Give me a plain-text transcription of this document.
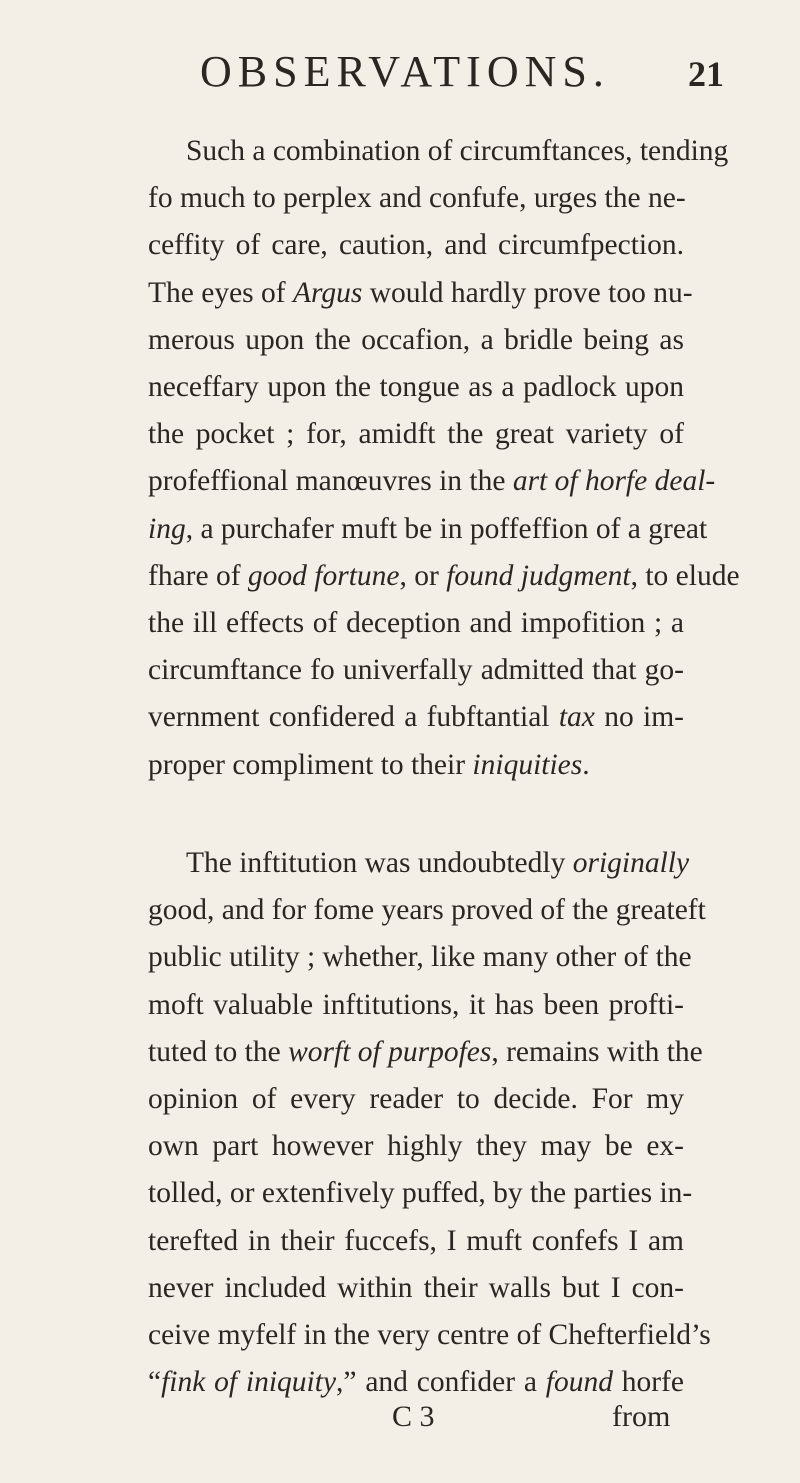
OBSERVATIONS. 21
Such a combination of circumftances, tending
fo much to perplex and confufe, urges the ne-
ceffity of care, caution, and circumfpection.
The eyes of Argus would hardly prove too nu-
merous upon the occafion, a bridle being as
neceffary upon the tongue as a padlock upon
the pocket ; for, amidft the great variety of
profeffional manœuvres in the art of horfe deal-
ing, a purchafer muft be in poffeffion of a great
fhare of good fortune, or found judgment, to elude
the ill effects of deception and impofition ; a
circumftance fo univerfally admitted that go-
vernment confidered a fubftantial tax no im-
proper compliment to their iniquities.
The inftitution was undoubtedly originally
good, and for fome years proved of the greateft
public utility ; whether, like many other of the
moft valuable inftitutions, it has been profti-
tuted to the worft of purpofes, remains with the
opinion of every reader to decide. For my
own part however highly they may be ex-
tolled, or extenfively puffed, by the parties in-
terefted in their fuccefs, I muft confefs I am
never included within their walls but I con-
ceive myfelf in the very centre of Chefterfield’s
“fink of iniquity,” and confider a found horfe
C 3	from
